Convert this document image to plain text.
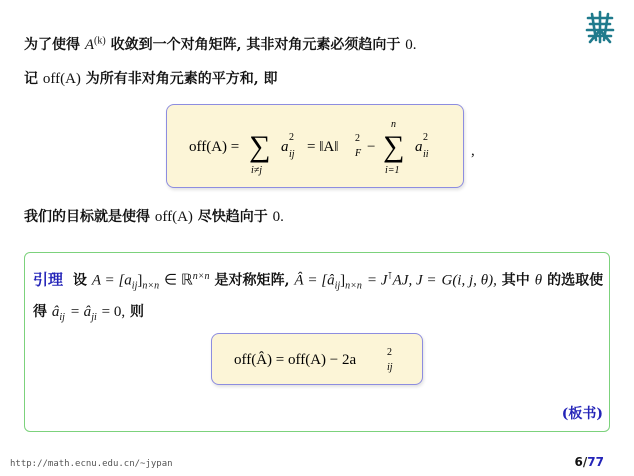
为了使得 $A^{(k)}$ 收敛到一个对角矩阵, 其非对角元素必须趋向于 0.
记 off(A) 为所有非对角元素的平方和, 即
off(A) = ∑
i≠j
a
2
ij = ‖A‖
2
F − ∑
n
i=1
a
2
ii	,
我们的目标就是使得 off(A) 尽快趋向于 0.
引理 设 $A = [a_{ij}]_{n\times n}$ ∈ ℝ$^{n\times n}$ 是对称矩阵, Â = $[â_{ij}]_{n\times n} = J^⊺AJ$, J = G(i, j, θ), 其中 θ 的选取使得 $â_{ij}$ = $â_{ji} = 0$, 则
off(Â) = off(A) − 2a	2
ij
(板书)
http://math.ecnu.edu.cn/~jypan	6/77
